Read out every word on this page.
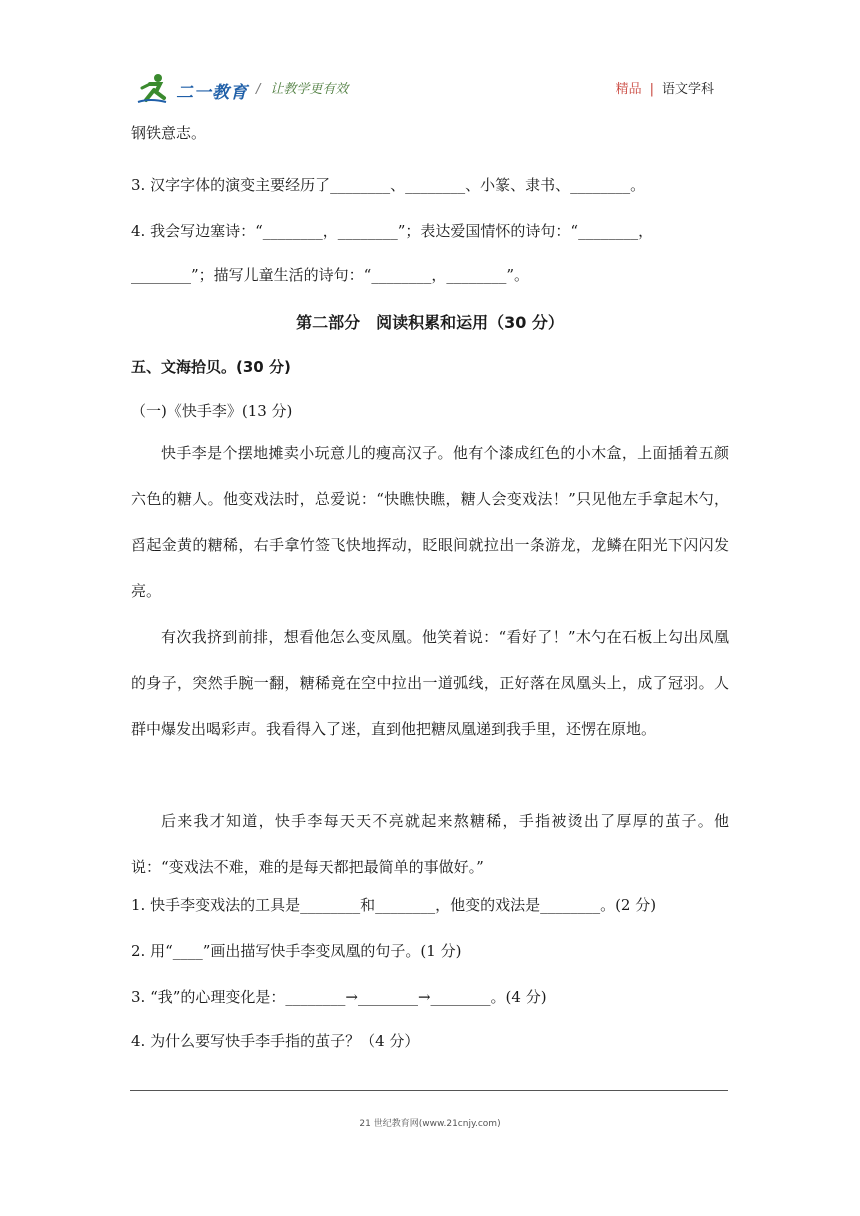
二一教育 / 让教学更有效	精品 | 语文学科
钢铁意志。
3. 汉字字体的演变主要经历了________、________、小篆、隶书、________。
4. 我会写边塞诗：“________，________”；表达爱国情怀的诗句：“________，
________”；描写儿童生活的诗句：“________，________”。
第二部分　阅读积累和运用（30 分）
五、文海拾贝。(30 分)
（一)《快手李》(13 分)
快手李是个摆地摊卖小玩意儿的瘦高汉子。他有个漆成红色的小木盒，上面插着五颜六色的糖人。他变戏法时，总爱说：“快瞧快瞧，糖人会变戏法！”只见他左手拿起木勺，舀起金黄的糖稀，右手拿竹签飞快地挥动，眨眼间就拉出一条游龙，龙鳞在阳光下闪闪发亮。
有次我挤到前排，想看他怎么变凤凰。他笑着说：“看好了！”木勺在石板上勾出凤凰的身子，突然手腕一翻，糖稀竟在空中拉出一道弧线，正好落在凤凰头上，成了冠羽。人群中爆发出喝彩声。我看得入了迷，直到他把糖凤凰递到我手里，还愣在原地。
后来我才知道，快手李每天天不亮就起来熬糖稀，手指被烫出了厚厚的茧子。他说：“变戏法不难，难的是每天都把最简单的事做好。”
1. 快手李变戏法的工具是________和________，他变的戏法是________。(2 分)
2. 用“____”画出描写快手李变凤凰的句子。(1 分)
3. “我”的心理变化是：________→________→________。(4 分)
4. 为什么要写快手李手指的茧子？（4 分）
21 世纪教育网(www.21cnjy.com)
